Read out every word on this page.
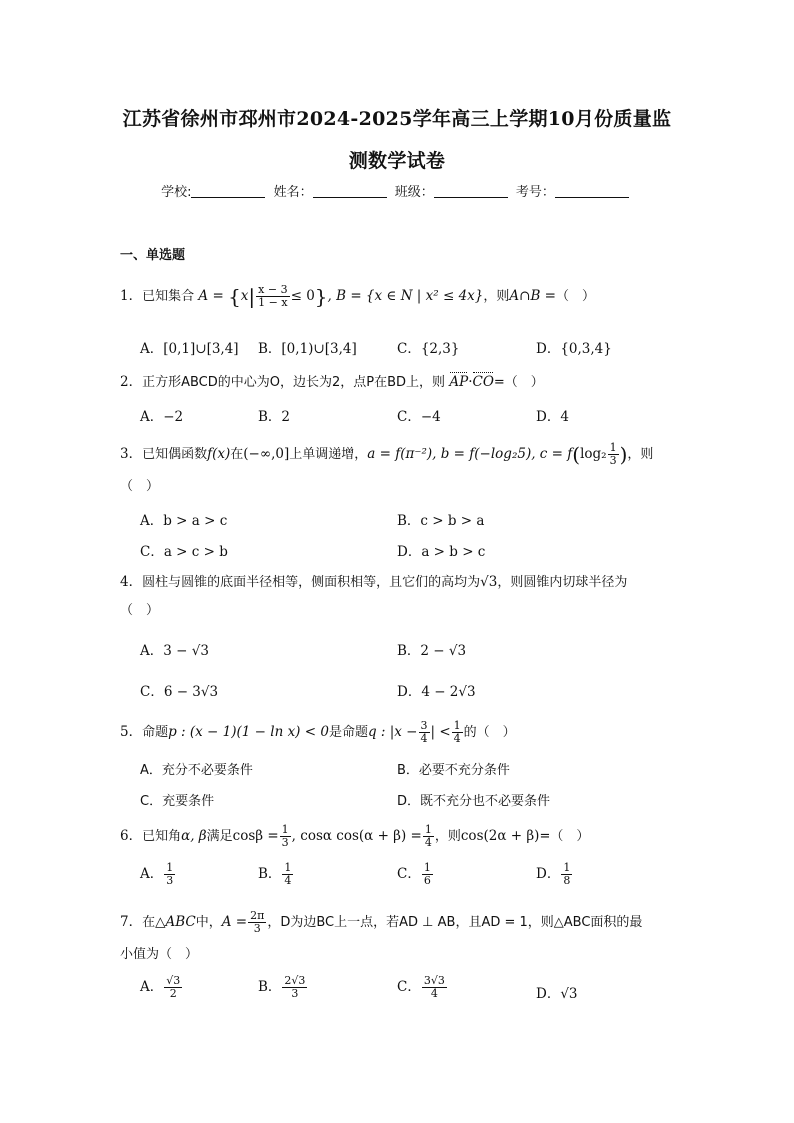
江苏省徐州市邳州市2024-2025学年高三上学期10月份质量监
测数学试卷
学校:	姓名：	班级：	考号：
一、单选题
1．已知集合 $A = \{x| \frac{x - 3}{1 - x} \le 0\}$, B = {x ∈ N | x² ≤ 4x}，则A∩B =（　）
A．[0,1]∪[3,4] B．[0,1)∪[3,4]	C．{2,3}	D．{0,3,4}
2．正方形ABCD的中心为O，边长为2，点P在BD上，则 AP·CO=（　）
A．−2	B．2	C．−4	D．4
3．已知偶函数f(x)在(−∞,0]上单调递增，a = f(π⁻²), b = f(−log₂5), $c = f(\log_2 \frac{1}{3}$ )，则
（　）
A．b > a > c	B．c > b > a
C．a > c > b	D．a > b > c
4．圆柱与圆锥的底面半径相等，侧面积相等，且它们的高均为√3，则圆锥内切球半径为
（　）
A．3 − √3	B．2 − √3
C．6 − 3√3	D．4 − 2√3
5．命题p : (x − 1)(1 − ln x) < 0是命题q : $|x - \frac{3}{4}$ | < $\frac{1}{4}$ 的（　）
A．充分不必要条件	B．必要不充分条件
C．充要条件	D．既不充分也不必要条件
6．已知角α, β满足$\cos\beta = \frac{1}{3}$ , cosα $\cos(\alpha + \beta) = \frac{1}{4}$ ，则cos(2α + β)=（　）
A． $\frac{1}{3}$	B． $\frac{1}{4}$	C． $\frac{1}{6}$	D． $\frac{1}{8}$
7．在△ABC中，$A = \frac{2\pi}{3}$ ，D为边BC上一点，若AD ⊥ AB，且AD = 1，则△ABC面积的最
小值为（　）
A． $\frac{√3}{2}$	B． $\frac{2√3}{3}$	C． $\frac{3√3}{4}$	D．√3
